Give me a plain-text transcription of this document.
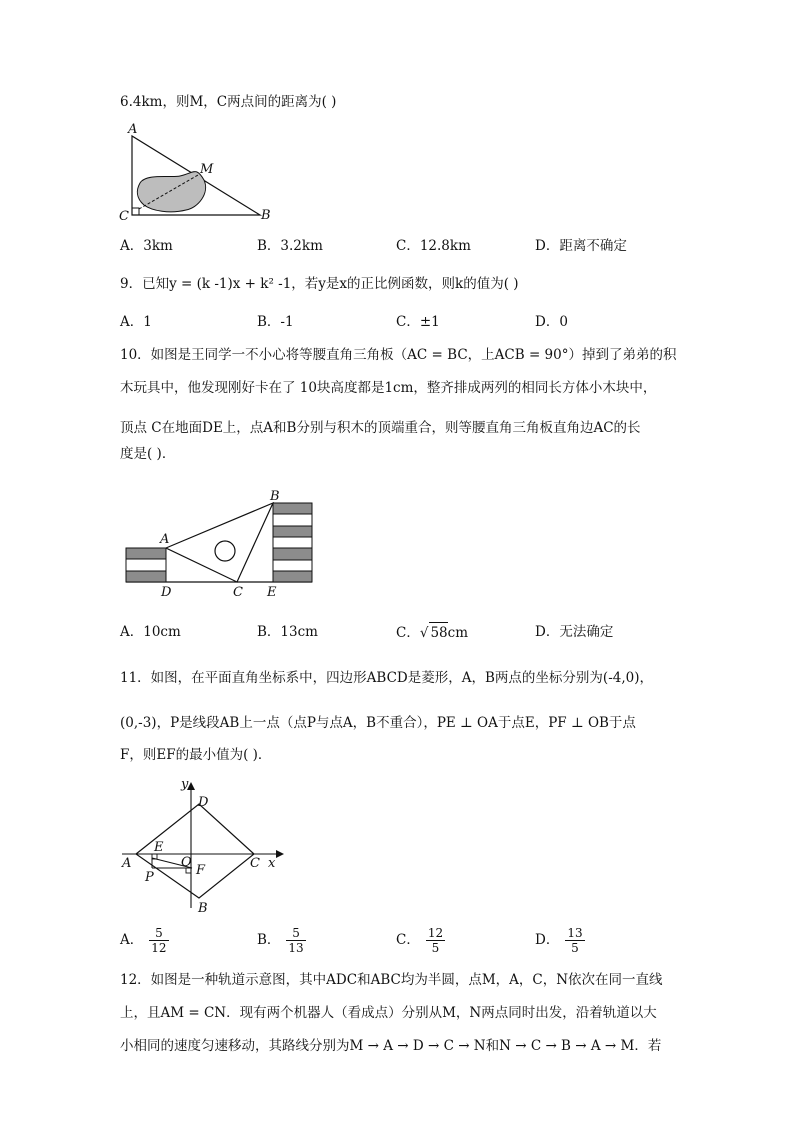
6.4km，则M，C两点间的距离为( )
A
M
C	B
A．3km	B．3.2km	C．12.8km	D．距离不确定
9．已知y = (k -1)x + k² -1，若y是x的正比例函数，则k的值为( )
A．1	B．-1	C．±1	D．0
10．如图是王同学一不小心将等腰直角三角板（AC = BC，上ACB = 90°）掉到了弟弟的积
木玩具中，他发现刚好卡在了 10块高度都是1cm，整齐排成两列的相同长方体小木块中，
顶点 C在地面DE上，点A和B分别与积木的顶端重合，则等腰直角三角板直角边AC的长
度是( )．
A
B
C
D	E
A．10cm	B．13cm	C．√ 58cm	D．无法确定
11．如图，在平面直角坐标系中，四边形ABCD是菱形，A，B两点的坐标分别为(-4,0)，
(0,-3)，P是线段AB上一点（点P与点A，B不重合），PE ⊥ OA于点E，PF ⊥ OB于点
F，则EF的最小值为( )．
y
D
A
E
O	C x
F
P
B
A． $\frac{5}{12}$	B． $\frac{5}{13}$	C． $\frac{12}{5}$	D． $\frac{13}{5}$
12．如图是一种轨道示意图，其中ADC和ABC均为半圆，点M，A，C，N依次在同一直线
上，且AM = CN．现有两个机器人（看成点）分别从M，N两点同时出发，沿着轨道以大
小相同的速度匀速移动，其路线分别为M → A → D → C → N和N → C → B → A → M．若
